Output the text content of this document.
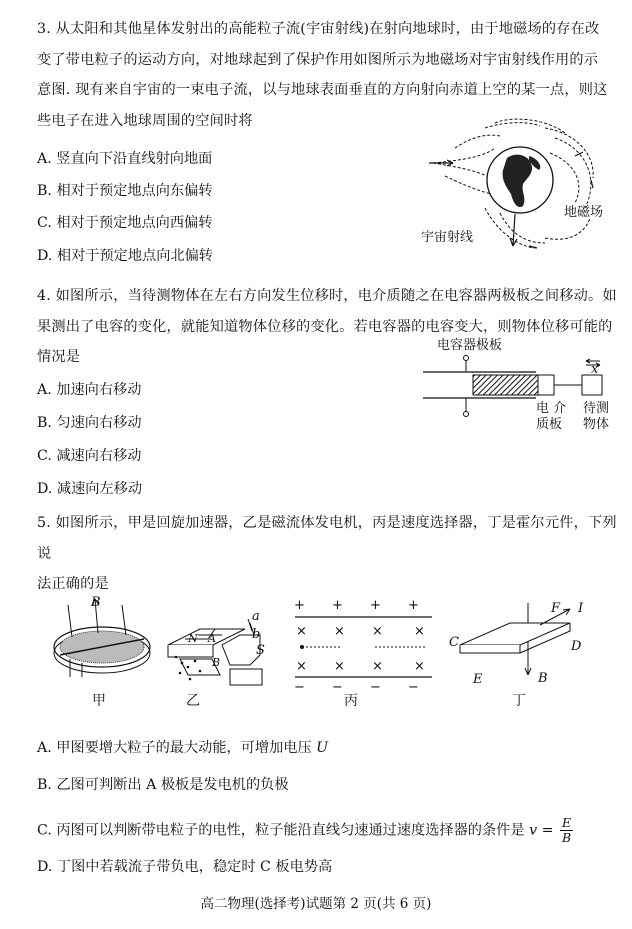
3. 从太阳和其他星体发射出的高能粒子流(宇宙射线)在射向地球时，由于地磁场的存在改
变了带电粒子的运动方向，对地球起到了保护作用如图所示为地磁场对宇宙射线作用的示
意图. 现有来自宇宙的一束电子流，以与地球表面垂直的方向射向赤道上空的某一点，则这
些电子在进入地球周围的空间时将
A. 竖直向下沿直线射向地面
B. 相对于预定地点向东偏转
C. 相对于预定地点向西偏转
D. 相对于预定地点向北偏转
地磁场
宇宙射线
4. 如图所示，当待测物体在左右方向发生位移时，电介质随之在电容器两极板之间移动。如
果测出了电容的变化，就能知道物体位移的变化。若电容器的电容变大，则物体位移可能的
情况是
A. 加速向右移动
B. 匀速向右移动
C. 减速向右移动
D. 减速向左移动
电容器极板
x
电 介
质板
待测
物体
5. 如图所示，甲是回旋加速器，乙是磁流体发电机，丙是速度选择器，丁是霍尔元件，下列说
法正确的是
+ + + +
− − − −
× × × ×
× × × ×
B
a
b
N A
B
S
C	D
E
F I
B
甲	乙	丙	丁
A. 甲图要增大粒子的最大动能，可增加电压 U
B. 乙图可判断出 A 极板是发电机的负极
C. 丙图可以判断带电粒子的电性，粒子能沿直线匀速通过速度选择器的条件是 $v = \frac{E}{B}$
D. 丁图中若载流子带负电，稳定时 C 板电势高
高二物理(选择考)试题第 2 页(共 6 页)
